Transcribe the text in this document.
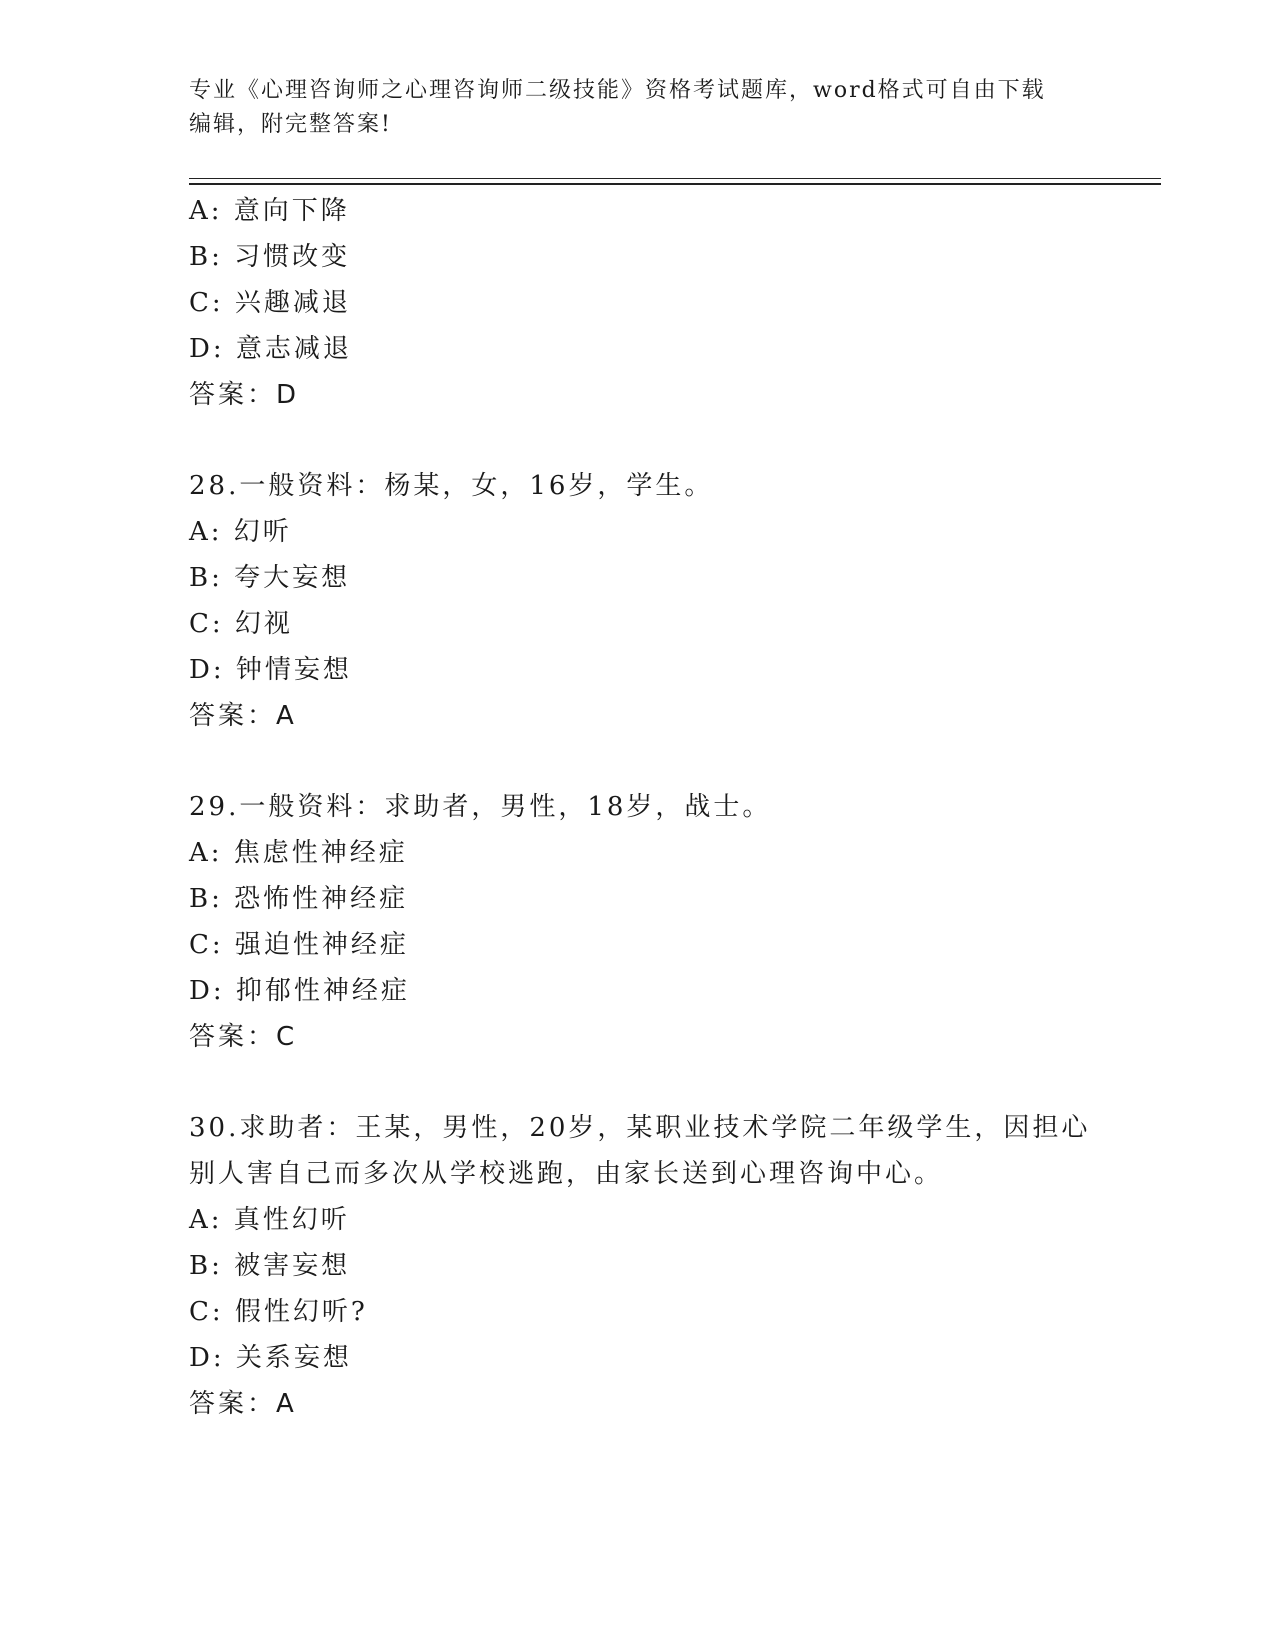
专业《心理咨询师之心理咨询师二级技能》资格考试题库，word格式可自由下载
编辑，附完整答案!
A: 意向下降
B: 习惯改变
C: 兴趣减退
D: 意志减退
答案：D
28.一般资料：杨某，女，16岁，学生。
A: 幻听
B: 夸大妄想
C: 幻视
D: 钟情妄想
答案：A
29.一般资料：求助者，男性，18岁，战士。
A: 焦虑性神经症
B: 恐怖性神经症
C: 强迫性神经症
D: 抑郁性神经症
答案：C
30.求助者：王某，男性，20岁，某职业技术学院二年级学生，因担心
别人害自己而多次从学校逃跑，由家长送到心理咨询中心。
A: 真性幻听
B: 被害妄想
C: 假性幻听?
D: 关系妄想
答案：A
